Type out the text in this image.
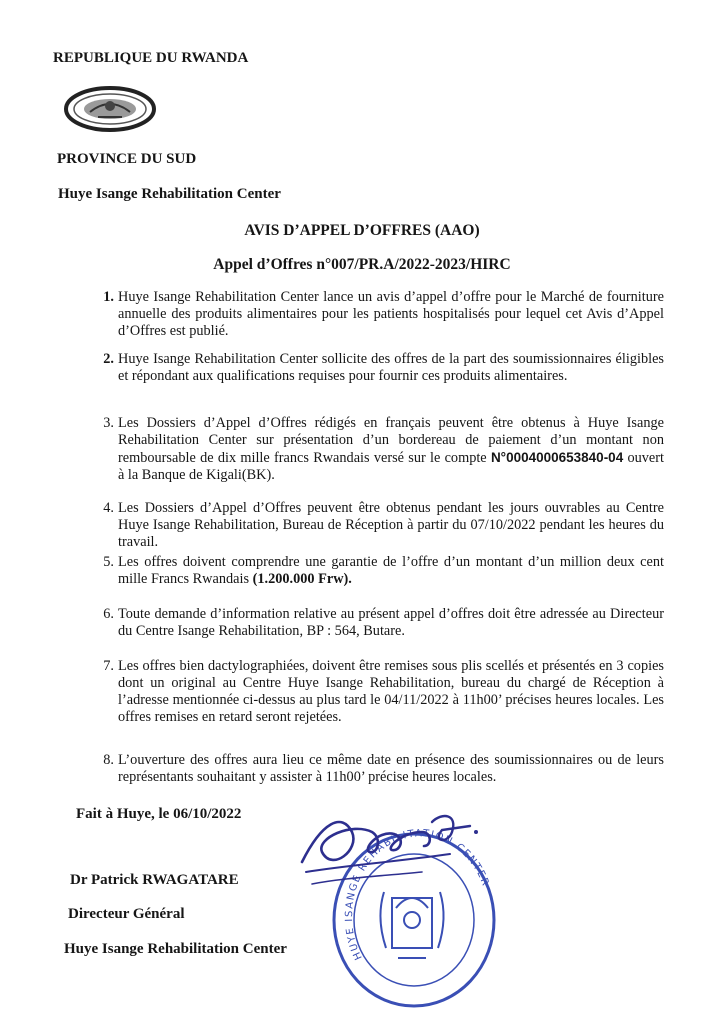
REPUBLIQUE DU RWANDA
PROVINCE DU SUD
Huye Isange Rehabilitation Center
AVIS D’APPEL D’OFFRES (AAO)
Appel d’Offres n°007/PR.A/2022-2023/HIRC
1. Huye Isange Rehabilitation Center lance un avis d’appel d’offre pour le Marché de fourniture annuelle des produits alimentaires pour les patients hospitalisés pour lequel cet Avis d’Appel d’Offres est publié.
2. Huye Isange Rehabilitation Center sollicite des offres de la part des soumissionnaires éligibles et répondant aux qualifications requises pour fournir ces produits alimentaires.
3. Les Dossiers d’Appel d’Offres rédigés en français peuvent être obtenus à Huye Isange Rehabilitation Center sur présentation d’un bordereau de paiement d’un montant non remboursable de dix mille francs Rwandais versé sur le compte N°0004000653840-04 ouvert à la Banque de Kigali(BK).
4. Les Dossiers d’Appel d’Offres peuvent être obtenus pendant les jours ouvrables au Centre Huye Isange Rehabilitation, Bureau de Réception à partir du 07/10/2022 pendant les heures du travail.
5. Les offres doivent comprendre une garantie de l’offre d’un montant d’un million deux cent mille Francs Rwandais (1.200.000 Frw).
6. Toute demande d’information relative au présent appel d’offres doit être adressée au Directeur du Centre Isange Rehabilitation, BP : 564, Butare.
7. Les offres bien dactylographiées, doivent être remises sous plis scellés et présentés en 3 copies dont un original au Centre Huye Isange Rehabilitation, bureau du chargé de Réception à l’adresse mentionnée ci-dessus au plus tard le 04/11/2022 à 11h00’ précises heures locales. Les offres remises en retard seront rejetées.
8. L’ouverture des offres aura lieu ce même date en présence des soumissionnaires ou de leurs représentants souhaitant y assister à 11h00’ précise heures locales.
Fait à Huye, le 06/10/2022
HUYE ISANGE REHABILITATION CENTER
Dr Patrick RWAGATARE
Directeur Général
Huye Isange Rehabilitation Center
